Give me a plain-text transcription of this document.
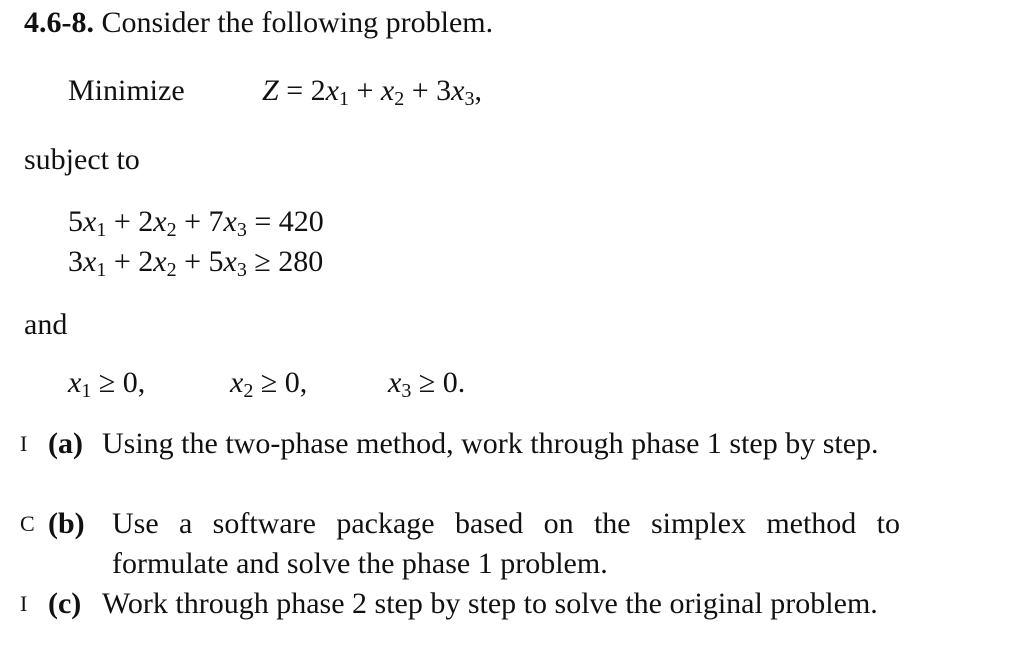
4.6-8. Consider the following problem.
Minimize	$Z = 2x_1 + x_2 + 3x_3$,
subject to
$5x_1 + 2x_2 + 7x_3 = 420$
$3x_1 + 2x_2 + 5x_3 \ge 280$
and
$x_1 \ge 0$,	$x_2 \ge 0$,	$x_3 \ge 0$.
I (a) Using the two-phase method, work through phase 1 step by step.
C (b) Use a software package based on the simplex method to formulate and solve the phase 1 problem.
I (c) Work through phase 2 step by step to solve the original problem.
